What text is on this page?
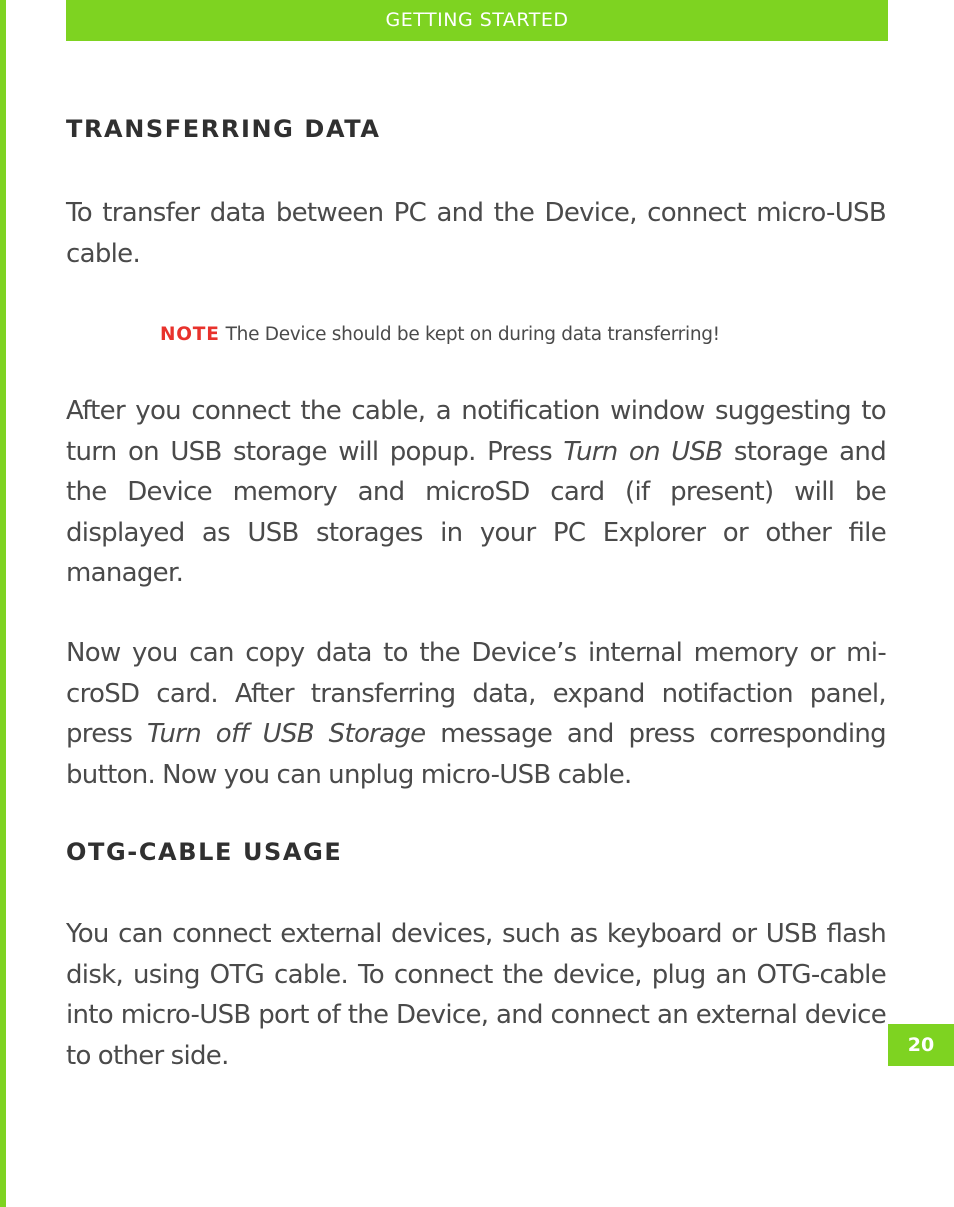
GETTING STARTED
TRANSFERRING DATA

To transfer data between PC and the Device, connect micro-USB cable.

NOTE The Device should be kept on during data transferring!

After you connect the cable, a notiﬁcation window suggesting to turn on USB storage will popup. Press Turn on USB storage and the Device memory and microSD card (if present) will be displayed as USB storages in your PC Explorer or other ﬁle manager.

Now you can copy data to the Device’s internal memory or mi-croSD card. After transferring data, expand notifaction panel, press Turn off USB Storage message and press corresponding button. Now you can unplug micro-USB cable.

OTG-CABLE USAGE

You can connect external devices, such as keyboard or USB ﬂash disk, using OTG cable. To connect the device, plug an OTG-cable into micro-USB port of the Device, and connect an external device to other side.	20
